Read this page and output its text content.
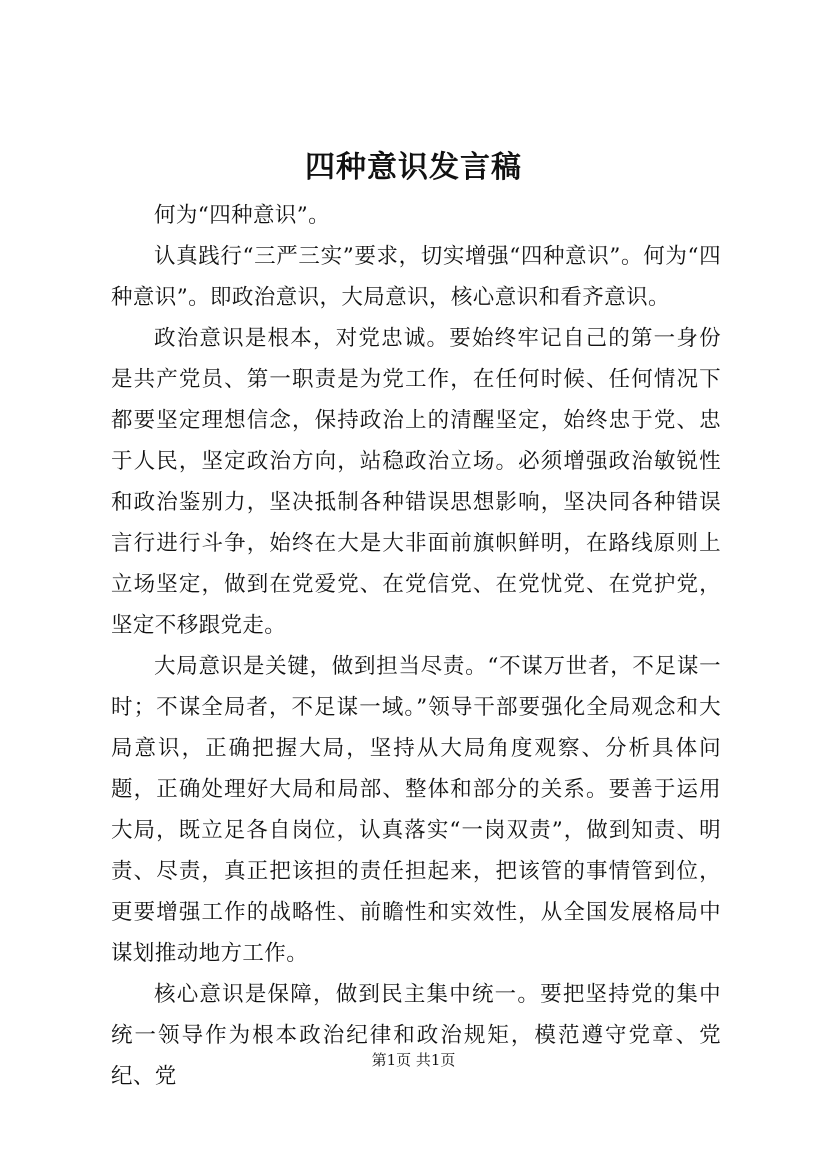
四种意识发言稿

何为“四种意识”。

认真践行“三严三实”要求，切实增强“四种意识”。何为“四种意识”。即政治意识，大局意识，核心意识和看齐意识。

政治意识是根本，对党忠诚。要始终牢记自己的第一身份是共产党员、第一职责是为党工作，在任何时候、任何情况下都要坚定理想信念，保持政治上的清醒坚定，始终忠于党、忠于人民，坚定政治方向，站稳政治立场。必须增强政治敏锐性和政治鉴别力，坚决抵制各种错误思想影响，坚决同各种错误言行进行斗争，始终在大是大非面前旗帜鲜明，在路线原则上立场坚定，做到在党爱党、在党信党、在党忧党、在党护党，坚定不移跟党走。

大局意识是关键，做到担当尽责。“不谋万世者，不足谋一时；不谋全局者，不足谋一域。”领导干部要强化全局观念和大局意识，正确把握大局，坚持从大局角度观察、分析具体问题，正确处理好大局和局部、整体和部分的关系。要善于运用大局，既立足各自岗位，认真落实“一岗双责”，做到知责、明责、尽责，真正把该担的责任担起来，把该管的事情管到位，更要增强工作的战略性、前瞻性和实效性，从全国发展格局中谋划推动地方工作。

核心意识是保障，做到民主集中统一。要把坚持党的集中统一领导作为根本政治纪律和政治规矩，模范遵守党章、党纪、党

第1页 共1页
